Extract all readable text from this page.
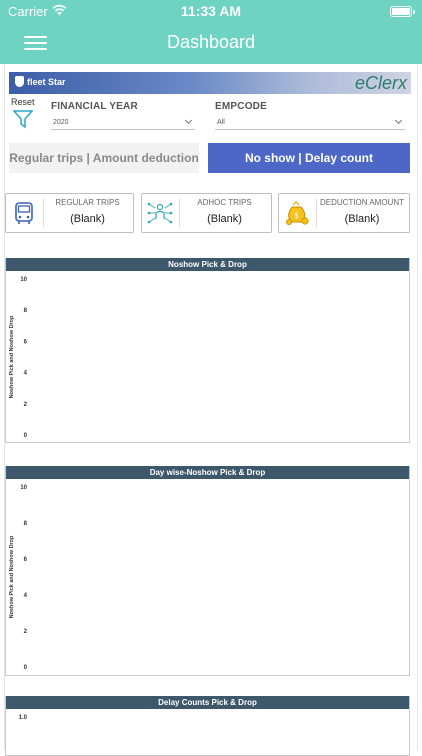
Carrier	11:33 AM
Dashboard
fleet Star	eClerx
Reset FINANCIAL YEAR
2020
EMPCODE
All
Regular trips | Amount deduction	No show | Delay count
REGULAR TRIPS
(Blank)
ADHOC TRIPS
(Blank)	$
DEDUCTION AMOUNT
(Blank)
Noshow Pick & Drop
10
8
6
4
2
0
Noshow Pick and Noshow Drop
Day wise-Noshow Pick & Drop
10
8
6
4
2
0
Noshow Pick and Noshow Drop
Delay Counts Pick & Drop
1.0
